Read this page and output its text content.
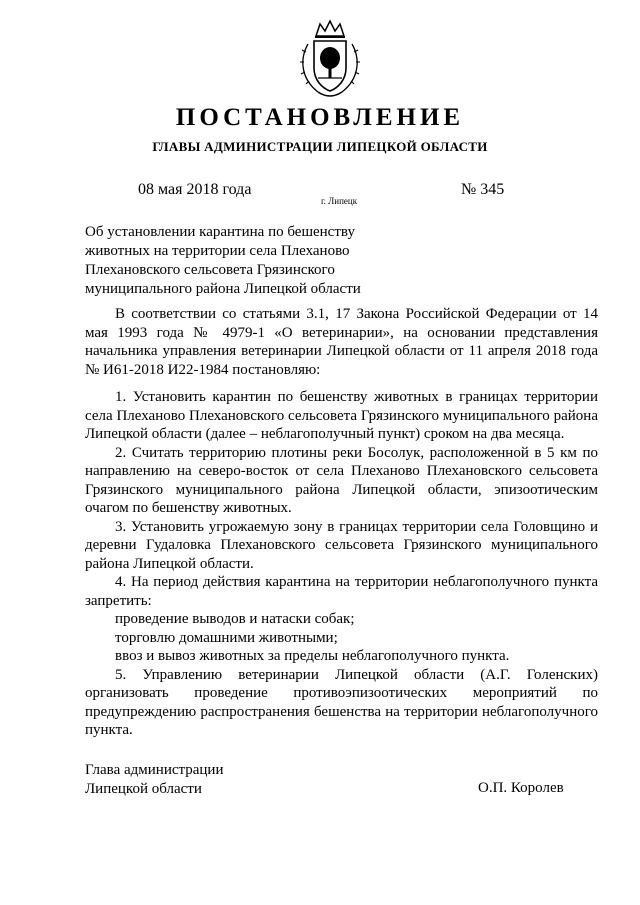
ПОСТАНОВЛЕНИЕ
ГЛАВЫ АДМИНИСТРАЦИИ ЛИПЕЦКОЙ ОБЛАСТИ
08 мая 2018 года
г. Липецк
№ 345
Об установлении карантина по бешенству животных на территории села Плеханово Плехановского сельсовета Грязинского муниципального района Липецкой области

В соответствии со статьями 3.1, 17 Закона Российской Федерации от 14 мая 1993 года № 4979-1 «О ветеринарии», на основании представления начальника управления ветеринарии Липецкой области от 11 апреля 2018 года № И61-2018 И22-1984 постановляю:

1. Установить карантин по бешенству животных в границах территории села Плеханово Плехановского сельсовета Грязинского муниципального района Липецкой области (далее – неблагополучный пункт) сроком на два месяца.

2. Считать территорию плотины реки Босолук, расположенной в 5 км по направлению на северо-восток от села Плеханово Плехановского сельсовета Грязинского муниципального района Липецкой области, эпизоотическим очагом по бешенству животных.

3. Установить угрожаемую зону в границах территории села Головщино и деревни Гудаловка Плехановского сельсовета Грязинского муниципального района Липецкой области.

4. На период действия карантина на территории неблагополучного пункта запретить:

проведение выводов и натаски собак;

торговлю домашними животными;

ввоз и вывоз животных за пределы неблагополучного пункта.

5. Управлению ветеринарии Липецкой области (А.Г. Голенских) организовать проведение противоэпизоотических мероприятий по предупреждению распространения бешенства на территории неблагополучного пункта.

Глава администрации
Липецкой области	О.П. Королев
